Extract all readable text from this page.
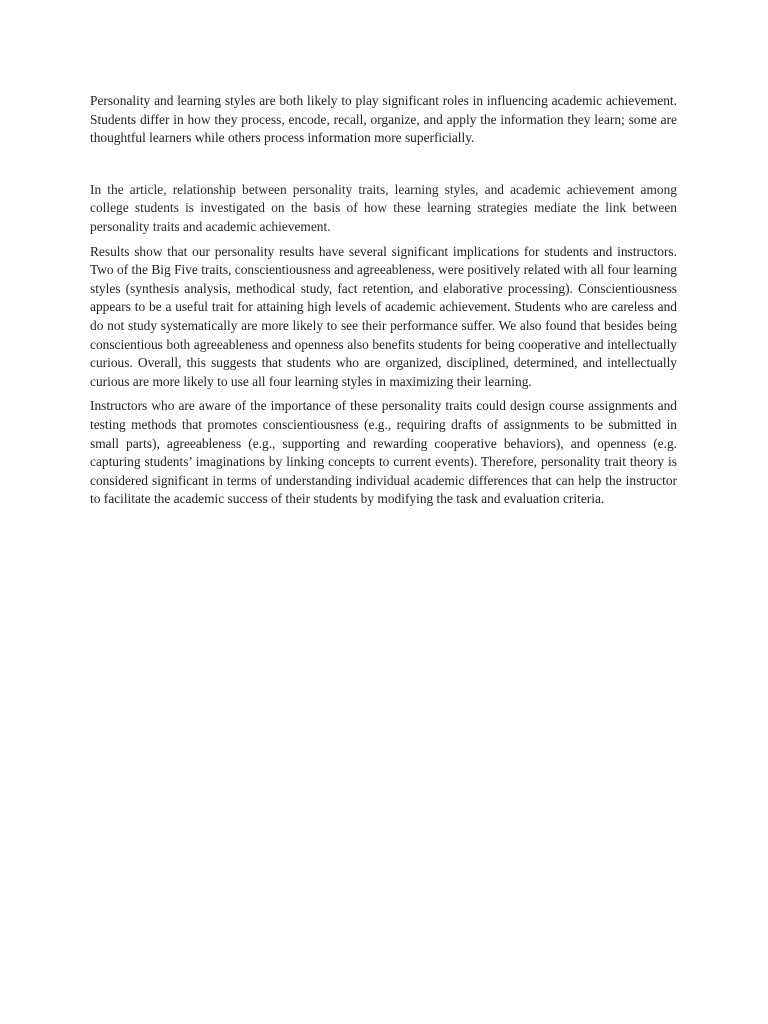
Personality and learning styles are both likely to play significant roles in influencing academic achievement. Students differ in how they process, encode, recall, organize, and apply the information they learn; some are thoughtful learners while others process information more superficially.

In the article, relationship between personality traits, learning styles, and academic achievement among college students is investigated on the basis of how these learning strategies mediate the link between personality traits and academic achievement.

Results show that our personality results have several significant implications for students and instructors. Two of the Big Five traits, conscientiousness and agreeableness, were positively related with all four learning styles (synthesis analysis, methodical study, fact retention, and elaborative processing). Conscientiousness appears to be a useful trait for attaining high levels of academic achievement. Students who are careless and do not study systematically are more likely to see their performance suffer. We also found that besides being conscientious both agreeableness and openness also benefits students for being cooperative and intellectually curious. Overall, this suggests that students who are organized, disciplined, determined, and intellectually curious are more likely to use all four learning styles in maximizing their learning.

Instructors who are aware of the importance of these personality traits could design course assignments and testing methods that promotes conscientiousness (e.g., requiring drafts of assignments to be submitted in small parts), agreeableness (e.g., supporting and rewarding cooperative behaviors), and openness (e.g. capturing students’ imaginations by linking concepts to current events). Therefore, personality trait theory is considered significant in terms of understanding individual academic differences that can help the instructor to facilitate the academic success of their students by modifying the task and evaluation criteria.
